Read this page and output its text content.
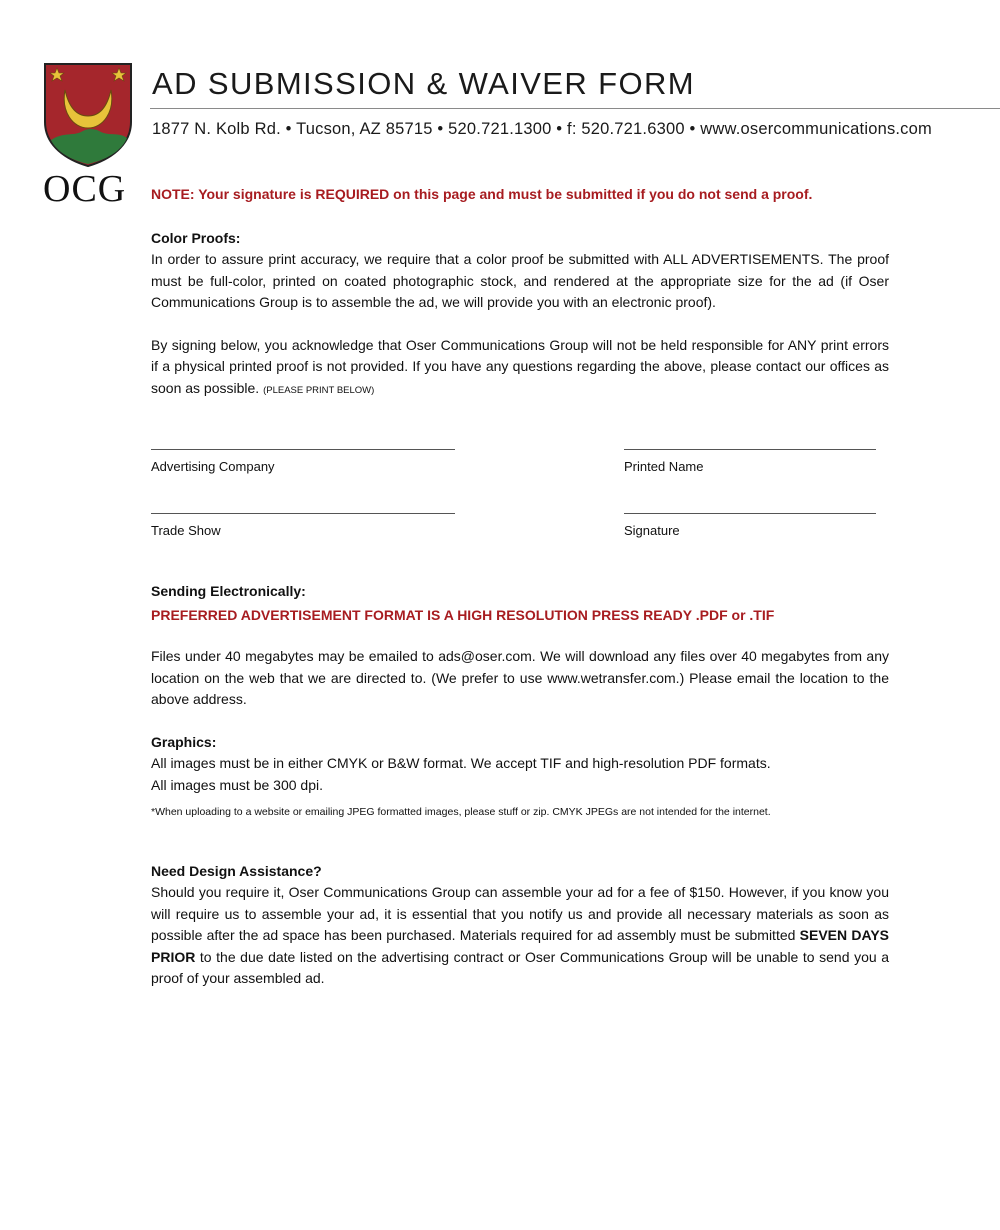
OCG
AD SUBMISSION & WAIVER FORM
1877 N. Kolb Rd. • Tucson, AZ 85715 • 520.721.1300 • f: 520.721.6300 • www.osercommunications.com
NOTE: Your signature is REQUIRED on this page and must be submitted if you do not send a proof.
Color Proofs:

In order to assure print accuracy, we require that a color proof be submitted with ALL ADVERTISEMENTS. The proof must be full-color, printed on coated photographic stock, and rendered at the appropriate size for the ad (if Oser Communications Group is to assemble the ad, we will provide you with an electronic proof).

By signing below, you acknowledge that Oser Communications Group will not be held responsible for ANY print errors if a physical printed proof is not provided. If you have any questions regarding the above, please contact our offices as soon as possible. (PLEASE PRINT BELOW)

Advertising Company	Printed Name
Trade Show	Signature
Sending Electronically:
PREFERRED ADVERTISEMENT FORMAT IS A HIGH RESOLUTION PRESS READY .PDF or .TIF

Files under 40 megabytes may be emailed to ads@oser.com. We will download any files over 40 megabytes from any location on the web that we are directed to. (We prefer to use www.wetransfer.com.) Please email the location to the above address.

Graphics:

All images must be in either CMYK or B&W format. We accept TIF and high-resolution PDF formats.

All images must be 300 dpi.

*When uploading to a website or emailing JPEG formatted images, please stuff or zip. CMYK JPEGs are not intended for the internet.
Need Design Assistance?

Should you require it, Oser Communications Group can assemble your ad for a fee of $150. However, if you know you will require us to assemble your ad, it is essential that you notify us and provide all necessary materials as soon as possible after the ad space has been purchased. Materials required for ad assembly must be submitted SEVEN DAYS PRIOR to the due date listed on the advertising contract or Oser Communications Group will be unable to send you a proof of your assembled ad.
